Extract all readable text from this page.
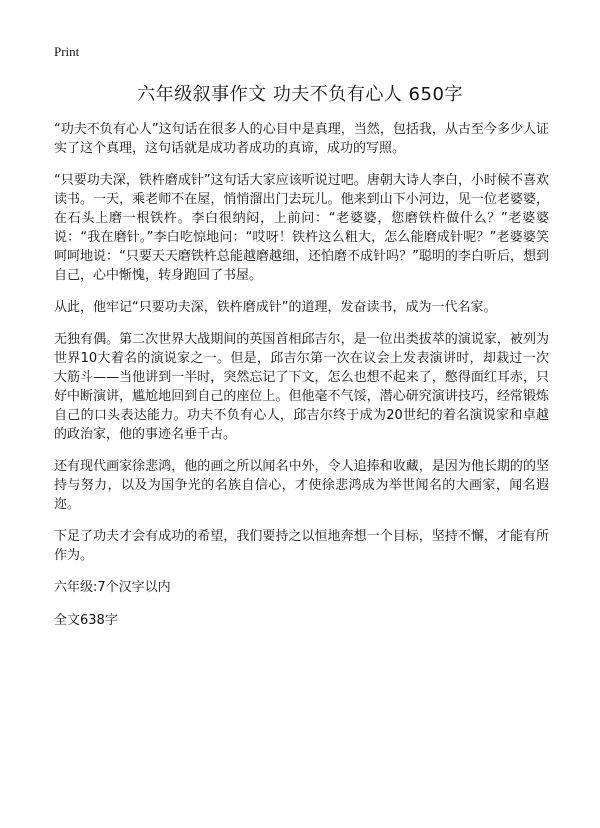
Print
六年级叙事作文 功夫不负有心人 650字

“功夫不负有心人”这句话在很多人的心目中是真理，当然，包括我，从古至今多少人证实了这个真理，这句话就是成功者成功的真谛，成功的写照。

“只要功夫深，铁杵磨成针”这句话大家应该听说过吧。唐朝大诗人李白，小时候不喜欢读书。一天，乘老师不在屋，悄悄溜出门去玩儿。他来到山下小河边，见一位老婆婆，在石头上磨一根铁杵。李白很纳闷，上前问：“老婆婆，您磨铁杵做什么？”老婆婆说：“我在磨针。”李白吃惊地问：“哎呀！铁杵这么粗大，怎么能磨成针呢？”老婆婆笑呵呵地说：“只要天天磨铁杵总能越磨越细，还怕磨不成针吗？”聪明的李白听后，想到自己，心中惭愧，转身跑回了书屋。

从此，他牢记“只要功夫深，铁杵磨成针”的道理，发奋读书，成为一代名家。

无独有偶。第二次世界大战期间的英国首相邱吉尔，是一位出类拔萃的演说家，被列为世界10大着名的演说家之一。但是，邱吉尔第一次在议会上发表演讲时，却栽过一次大筋斗——当他讲到一半时，突然忘记了下文，怎么也想不起来了，憋得面红耳赤，只好中断演讲，尴尬地回到自己的座位上。但他毫不气馁，潜心研究演讲技巧，经常锻炼自己的口头表达能力。功夫不负有心人，邱吉尔终于成为20世纪的着名演说家和卓越的政治家，他的事迹名垂千古。

还有现代画家徐悲鸿，他的画之所以闻名中外，令人追捧和收藏，是因为他长期的的坚持与努力，以及为国争光的名族自信心，才使徐悲鸿成为举世闻名的大画家，闻名遐迩。

下足了功夫才会有成功的希望，我们要持之以恒地奔想一个目标，坚持不懈，才能有所作为。

六年级:7个汉字以内

全文638字
